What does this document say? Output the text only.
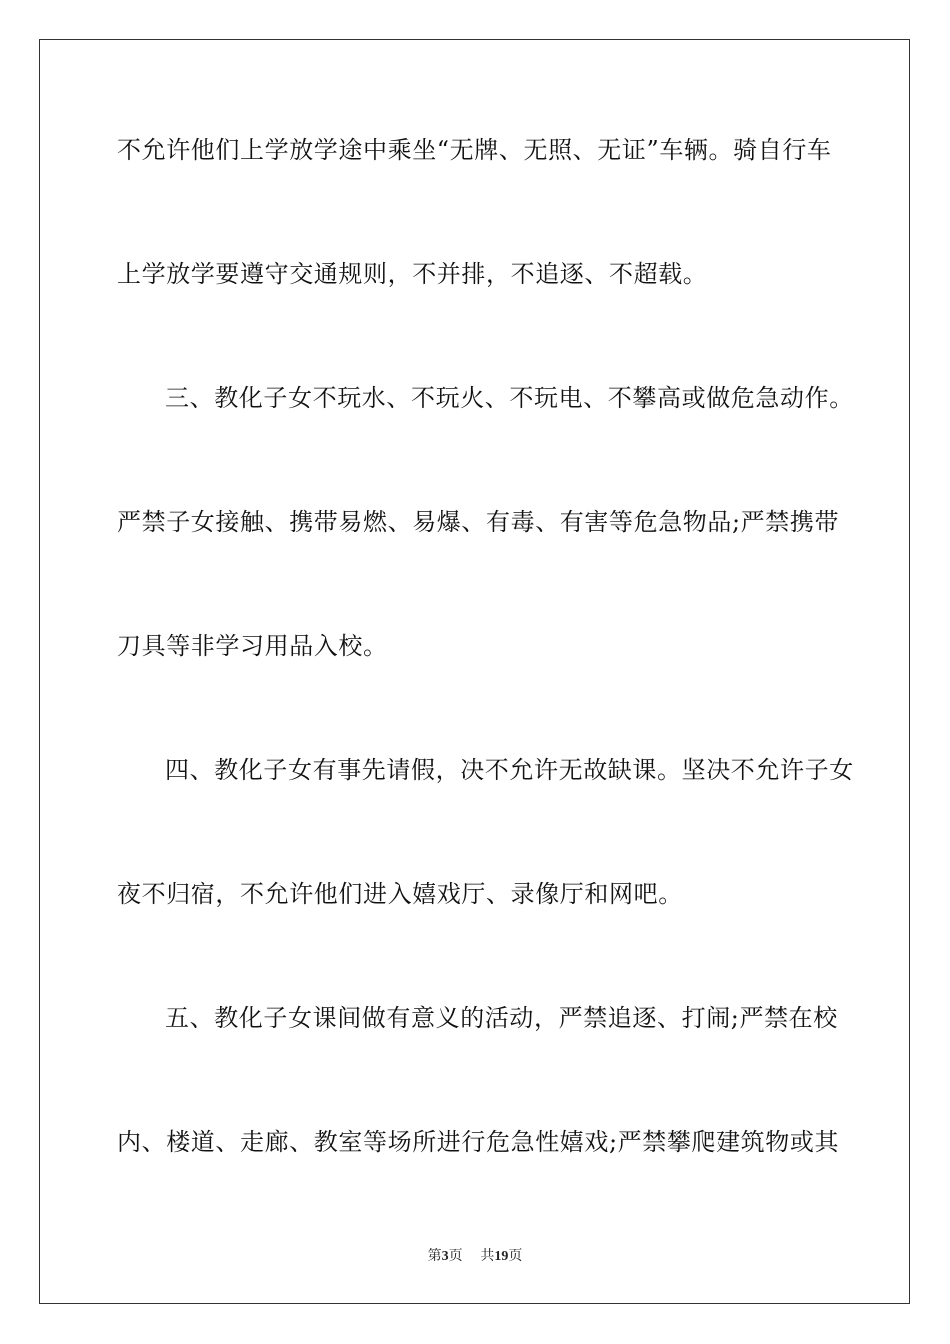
不允许他们上学放学途中乘坐“无牌、无照、无证”车辆。骑自行车
上学放学要遵守交通规则，不并排，不追逐、不超载。
三、教化子女不玩水、不玩火、不玩电、不攀高或做危急动作。
严禁子女接触、携带易燃、易爆、有毒、有害等危急物品;严禁携带
刀具等非学习用品入校。
四、教化子女有事先请假，决不允许无故缺课。坚决不允许子女
夜不归宿，不允许他们进入嬉戏厅、录像厅和网吧。
五、教化子女课间做有意义的活动，严禁追逐、打闹;严禁在校
内、楼道、走廊、教室等场所进行危急性嬉戏;严禁攀爬建筑物或其
第3页 共19页
